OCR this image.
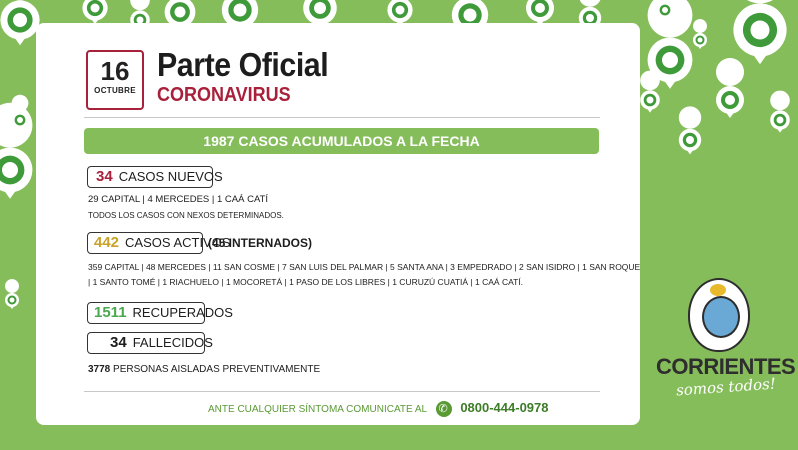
16
OCTUBRE
Parte Oficial
CORONAVIRUS
1987 CASOS ACUMULADOS A LA FECHA
34 CASOS NUEVOS
29 CAPITAL | 4 MERCEDES | 1 CAÁ CATÍ
TODOS LOS CASOS CON NEXOS DETERMINADOS.
442 CASOS ACTIVOS
(45 INTERNADOS)
359 CAPITAL | 48 MERCEDES | 11 SAN COSME | 7 SAN LUIS DEL PALMAR | 5 SANTA ANA | 3 EMPEDRADO | 2 SAN ISIDRO | 1 SAN ROQUE
| 1 SANTO TOMÉ | 1 RIACHUELO | 1 MOCORETÁ | 1 PASO DE LOS LIBRES | 1 CURUZÚ CUATIÁ | 1 CAÁ CATÍ.
1511 RECUPERADOS
34 FALLECIDOS
3778 PERSONAS AISLADAS PREVENTIVAMENTE
ANTE CUALQUIER SÍNTOMA COMUNICATE AL ✆	0800-444-0978
CORRIENTES
somos todos!
